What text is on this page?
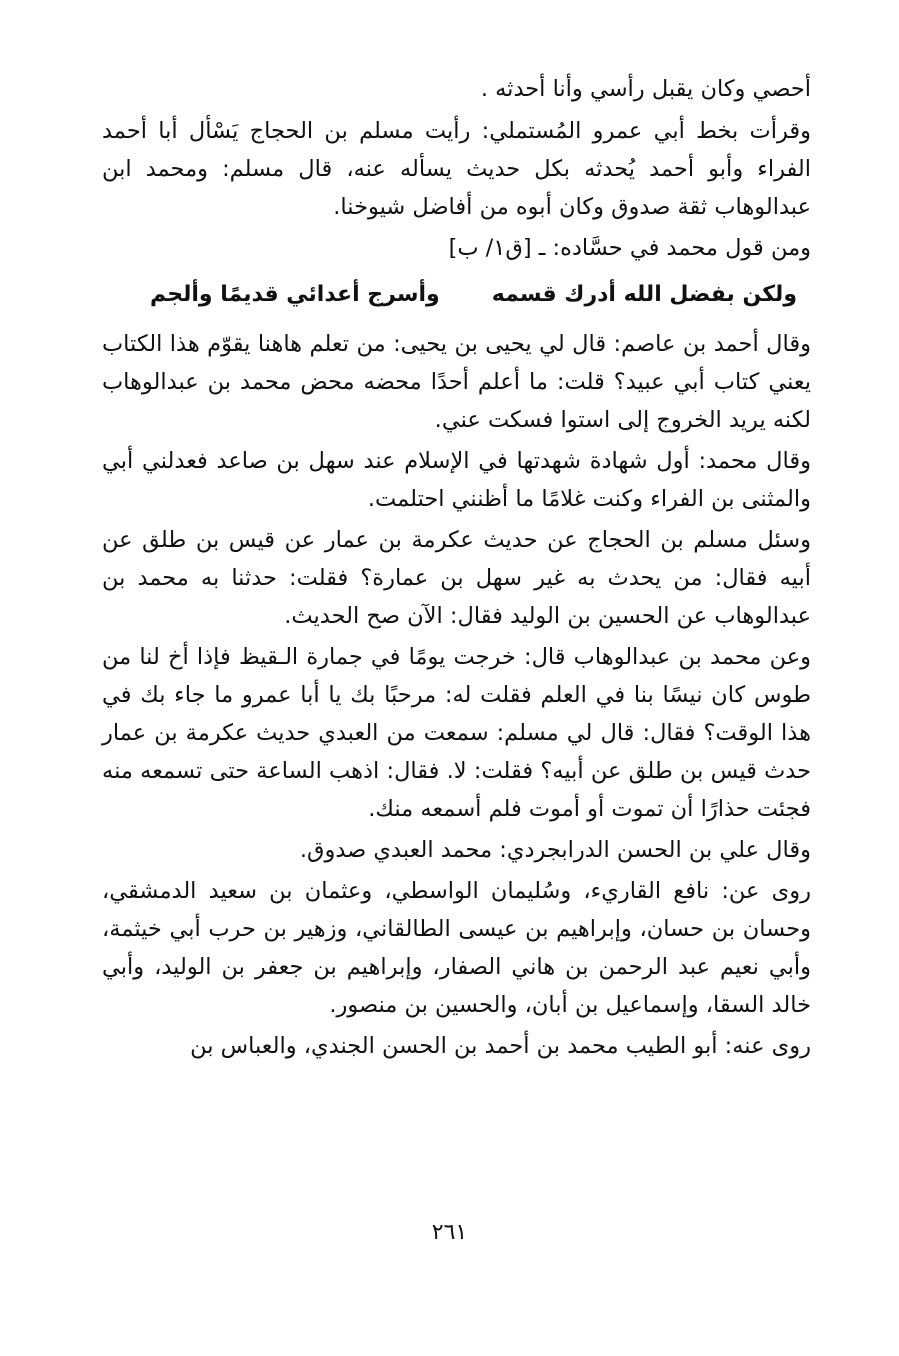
أحصي وكان يقبل رأسي وأنا أحدثه .

وقرأت بخط أبي عمرو المُستملي: رأيت مسلم بن الحجاج يَسْأل أبا أحمد الفراء وأبو أحمد يُحدثه بكل حديث يسأله عنه، قال مسلم: ومحمد ابن عبدالوهاب ثقة صدوق وكان أبوه من أفاضل شيوخنا.

ومن قول محمد في حسَّاده: ـ [ق١/ ب]

ولكن بفضل الله أدرك قسمه
وأسرج أعدائي قديمًا وألجم

وقال أحمد بن عاصم: قال لي يحيى بن يحيى: من تعلم هاهنا يقوّم هذا الكتاب يعني كتاب أبي عبيد؟ قلت: ما أعلم أحدًا محضه محض محمد بن عبدالوهاب لكنه يريد الخروج إلى استوا فسكت عني.

وقال محمد: أول شهادة شهدتها في الإسلام عند سهل بن صاعد فعدلني أبي والمثنى بن الفراء وكنت غلامًا ما أظنني احتلمت.

وسئل مسلم بن الحجاج عن حديث عكرمة بن عمار عن قيس بن طلق عن أبيه فقال: من يحدث به غير سهل بن عمارة؟ فقلت: حدثنا به محمد بن عبدالوهاب عن الحسين بن الوليد فقال: الآن صح الحديث.

وعن محمد بن عبدالوهاب قال: خرجت يومًا في جمارة الـقيظ فإذا أخ لنا من طوس كان نيسًا بنا في العلم فقلت له: مرحبًا بك يا أبا عمرو ما جاء بك في هذا الوقت؟ فقال: قال لي مسلم: سمعت من العبدي حديث عكرمة بن عمار حدث قيس بن طلق عن أبيه؟ فقلت: لا. فقال: اذهب الساعة حتى تسمعه منه فجئت حذارًا أن تموت أو أموت فلم أسمعه منك.

وقال علي بن الحسن الدرابجردي: محمد العبدي صدوق.

روى عن: نافع القاريء، وسُليمان الواسطي، وعثمان بن سعيد الدمشقي، وحسان بن حسان، وإبراهيم بن عيسى الطالقاني، وزهير بن حرب أبي خيثمة، وأبي نعيم عبد الرحمن بن هاني الصفار، وإبراهيم بن جعفر بن الوليد، وأبي خالد السقا، وإسماعيل بن أبان، والحسين بن منصور.

روى عنه: أبو الطيب محمد بن أحمد بن الحسن الجندي، والعباس بن

٢٦١
